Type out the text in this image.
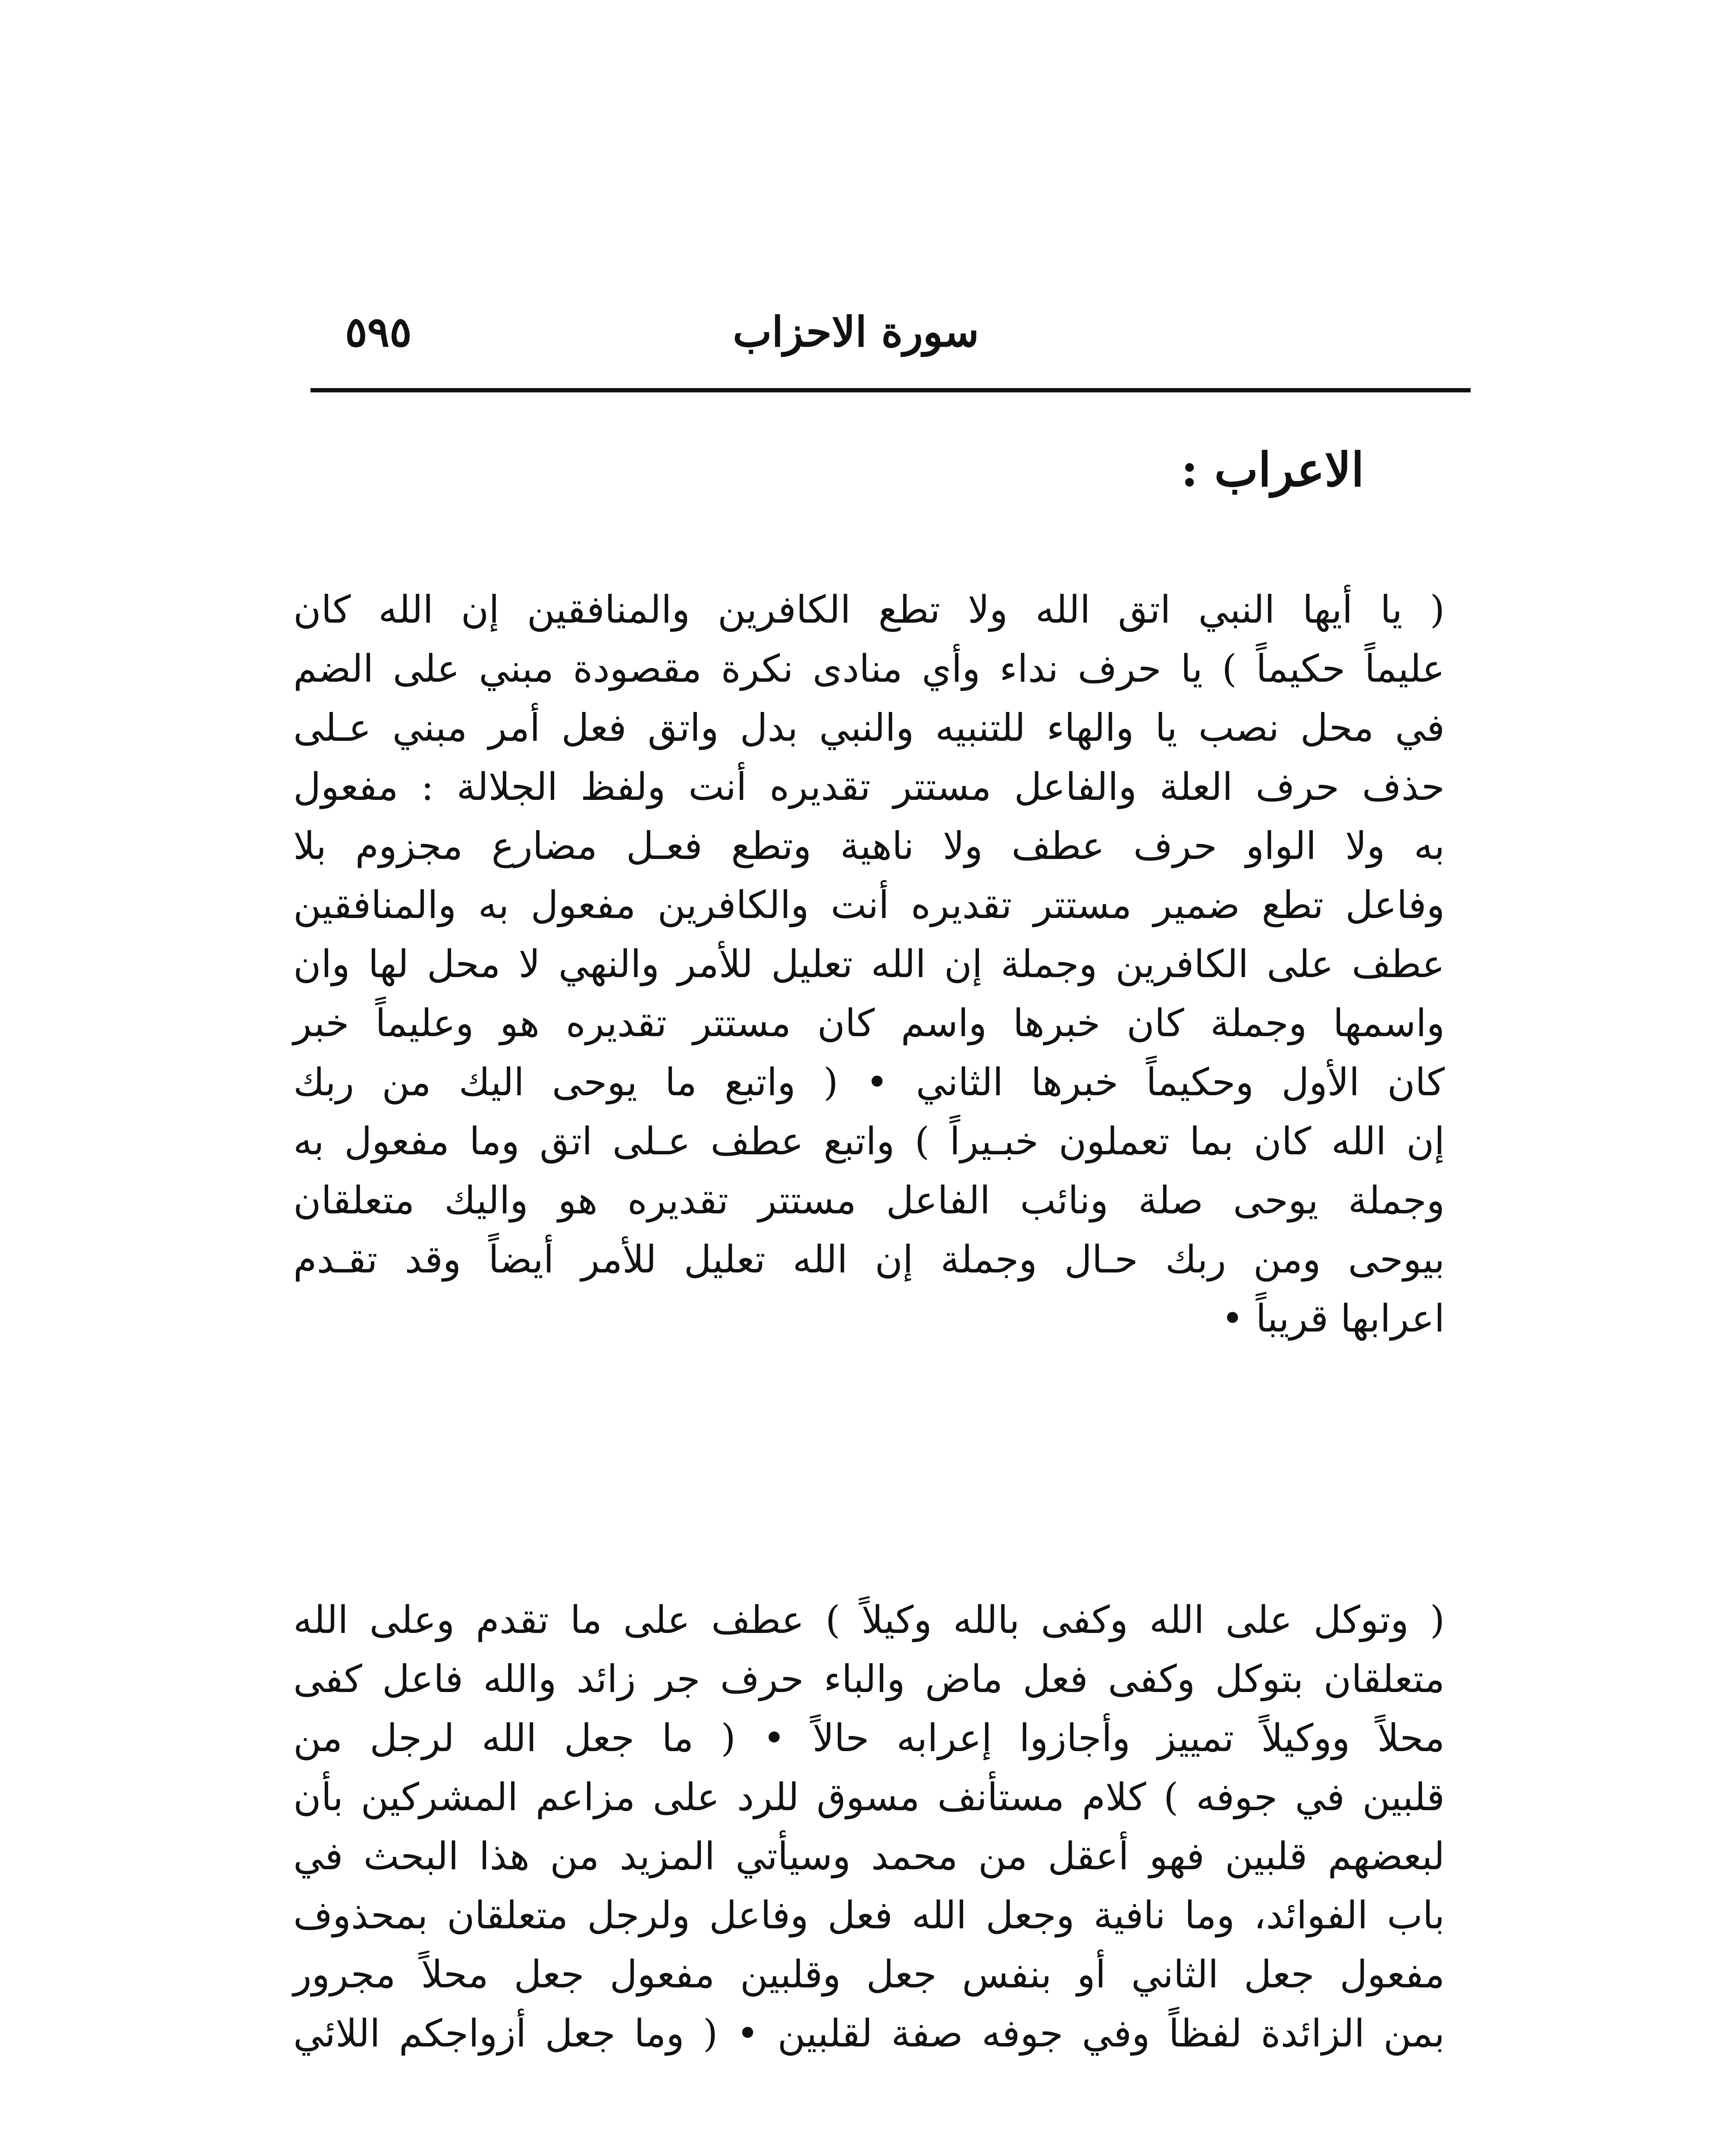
سورة الاحزاب
٥٩٥
الاعراب :
( يا أيها النبي اتق الله ولا تطع الكافرين والمنافقين إن الله كان
عليماً حكيماً ) يا حرف نداء وأي منادى نكرة مقصودة مبني على الضم
في محل نصب يا والهاء للتنبيه والنبي بدل واتق فعل أمر مبني عـلى
حذف حرف العلة والفاعل مستتر تقديره أنت ولفظ الجلالة : مفعول
به ولا الواو حرف عطف ولا ناهية وتطع فعـل مضارع مجزوم بلا
وفاعل تطع ضمير مستتر تقديره أنت والكافرين مفعول به والمنافقين
عطف على الكافرين وجملة إن الله تعليل للأمر والنهي لا محل لها وان
واسمها وجملة كان خبرها واسم كان مستتر تقديره هو وعليماً خبر
كان الأول وحكيماً خبرها الثاني • ( واتبع ما يوحى اليك من ربك
إن الله كان بما تعملون خبـيراً ) واتبع عطف عـلى اتق وما مفعول به
وجملة يوحى صلة ونائب الفاعل مستتر تقديره هو واليك متعلقان
بيوحى ومن ربك حـال وجملة إن الله تعليل للأمر أيضاً وقد تقـدم
اعرابها قريباً •
( وتوكل على الله وكفى بالله وكيلاً ) عطف على ما تقدم وعلى الله
متعلقان بتوكل وكفى فعل ماض والباء حرف جر زائد والله فاعل كفى
محلاً ووكيلاً تمييز وأجازوا إعرابه حالاً • ( ما جعل الله لرجل من
قلبين في جوفه ) كلام مستأنف مسوق للرد على مزاعم المشركين بأن
لبعضهم قلبين فهو أعقل من محمد وسيأتي المزيد من هذا البحث في
باب الفوائد، وما نافية وجعل الله فعل وفاعل ولرجل متعلقان بمحذوف
مفعول جعل الثاني أو بنفس جعل وقلبين مفعول جعل محلاً مجرور
بمن الزائدة لفظاً وفي جوفه صفة لقلبين • ( وما جعل أزواجكم اللائي
